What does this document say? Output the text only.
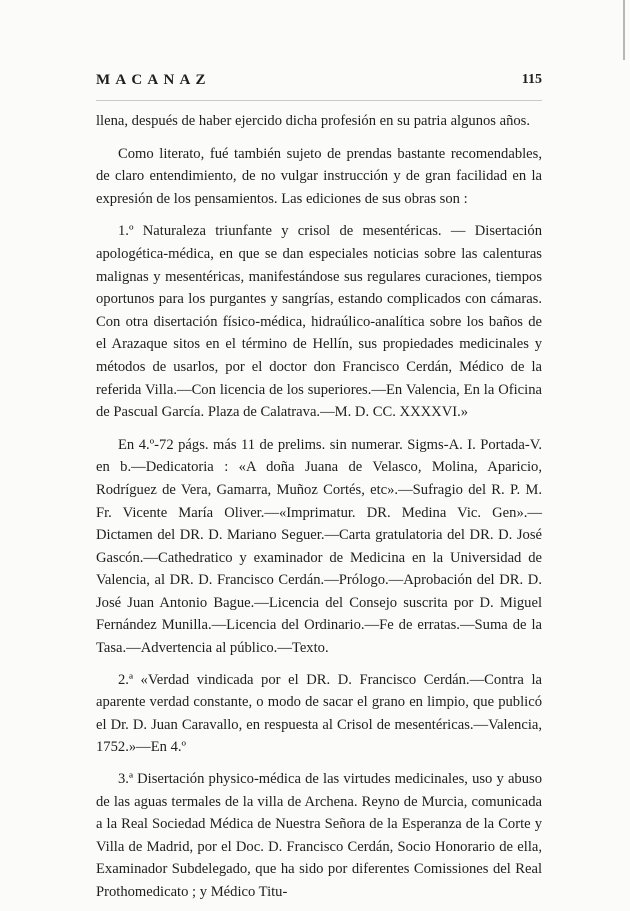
MACANAZ	115

llena, después de haber ejercido dicha profesión en su patria algunos años.

Como literato, fué también sujeto de prendas bastante recomendables, de claro entendimiento, de no vulgar instrucción y de gran facilidad en la expresión de los pensamientos. Las ediciones de sus obras son :

1.º Naturaleza triunfante y crisol de mesentéricas. — Disertación apologética-médica, en que se dan especiales noticias sobre las calenturas malignas y mesentéricas, manifestándose sus regulares curaciones, tiempos oportunos para los purgantes y sangrías, estando complicados con cámaras. Con otra disertación físico-médica, hidraúlico-analítica sobre los baños de el Arazaque sitos en el término de Hellín, sus propiedades medicinales y métodos de usarlos, por el doctor don Francisco Cerdán, Médico de la referida Villa.—Con licencia de los superiores.—En Valencia, En la Oficina de Pascual García. Plaza de Calatrava.—M. D. CC. XXXXVI.»

En 4.º-72 págs. más 11 de prelims. sin numerar. Sigms-A. I. Portada-V. en b.—Dedicatoria : «A doña Juana de Velasco, Molina, Aparicio, Rodríguez de Vera, Gamarra, Muñoz Cortés, etc».—Sufragio del R. P. M. Fr. Vicente María Oliver.—«Imprimatur. DR. Medina Vic. Gen».—Dictamen del DR. D. Mariano Seguer.—Carta gratulatoria del DR. D. José Gascón.—Cathedratico y examinador de Medicina en la Universidad de Valencia, al DR. D. Francisco Cerdán.—Prólogo.—Aprobación del DR. D. José Juan Antonio Bague.—Licencia del Consejo suscrita por D. Miguel Fernández Munilla.—Licencia del Ordinario.—Fe de erratas.—Suma de la Tasa.—Advertencia al público.—Texto.

2.ª «Verdad vindicada por el DR. D. Francisco Cerdán.—Contra la aparente verdad constante, o modo de sacar el grano en limpio, que publicó el Dr. D. Juan Caravallo, en respuesta al Crisol de mesentéricas.—Valencia, 1752.»—En 4.º

3.ª Disertación physico-médica de las virtudes medicinales, uso y abuso de las aguas termales de la villa de Archena. Reyno de Murcia, comunicada a la Real Sociedad Médica de Nuestra Señora de la Esperanza de la Corte y Villa de Madrid, por el Doc. D. Francisco Cerdán, Socio Honorario de ella, Examinador Subdelegado, que ha sido por diferentes Comissiones del Real Prothomedicato ; y Médico Titu-
